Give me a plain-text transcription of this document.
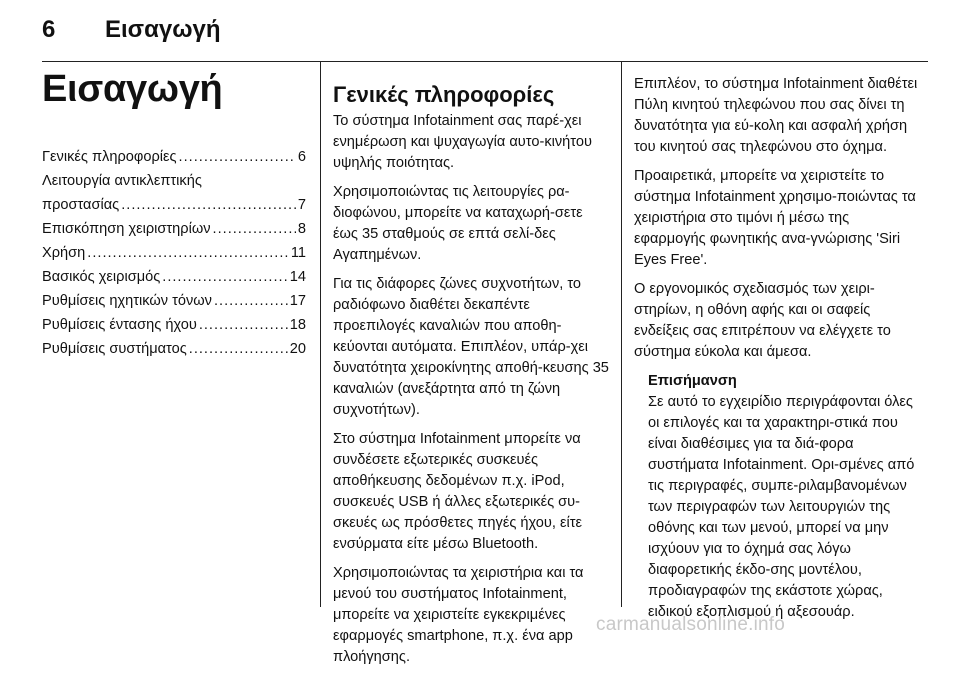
6 Εισαγωγή
Εισαγωγή
Γενικές πληροφορίες .....	6
Λειτουργία αντικλεπτικής
προστασίας .....	7
Επισκόπηση χειριστηρίων .....	8
Χρήση .....	11
Βασικός χειρισμός .....	14
Ρυθμίσεις ηχητικών τόνων .....	17
Ρυθμίσεις έντασης ήχου .....	18
Ρυθμίσεις συστήματος .....	20
Γενικές πληροφορίες

Το σύστημα Infotainment σας παρέ-χει ενημέρωση και ψυχαγωγία αυτο-κινήτου υψηλής ποιότητας.

Χρησιμοποιώντας τις λειτουργίες ρα-διοφώνου, μπορείτε να καταχωρή-σετε έως 35 σταθμούς σε επτά σελί-δες Αγαπημένων.

Για τις διάφορες ζώνες συχνοτήτων, το ραδιόφωνο διαθέτει δεκαπέντε προεπιλογές καναλιών που αποθη-κεύονται αυτόματα. Επιπλέον, υπάρ-χει δυνατότητα χειροκίνητης αποθή-κευσης 35 καναλιών (ανεξάρτητα από τη ζώνη συχνοτήτων).

Στο σύστημα Infotainment μπορείτε να συνδέσετε εξωτερικές συσκευές αποθήκευσης δεδομένων π.χ. iPod, συσκευές USB ή άλλες εξωτερικές συ-σκευές ως πρόσθετες πηγές ήχου, είτε ενσύρματα είτε μέσω Bluetooth.

Χρησιμοποιώντας τα χειριστήρια και τα μενού του συστήματος Infotainment, μπορείτε να χειριστείτε εγκεκριμένες εφαρμογές smartphone, π.χ. ένα app πλοήγησης.

Επιπλέον, το σύστημα Infotainment διαθέτει Πύλη κινητού τηλεφώνου που σας δίνει τη δυνατότητα για εύ-κολη και ασφαλή χρήση του κινητού σας τηλεφώνου στο όχημα.

Προαιρετικά, μπορείτε να χειριστείτε το σύστημα Infotainment χρησιμο-ποιώντας τα χειριστήρια στο τιμόνι ή μέσω της εφαρμογής φωνητικής ανα-γνώρισης 'Siri Eyes Free'.

Ο εργονομικός σχεδιασμός των χειρι-στηρίων, η οθόνη αφής και οι σαφείς ενδείξεις σας επιτρέπουν να ελέγχετε το σύστημα εύκολα και άμεσα.

Επισήμανση
Σε αυτό το εγχειρίδιο περιγράφονται όλες οι επιλογές και τα χαρακτηρι-στικά που είναι διαθέσιμες για τα διά-φορα συστήματα Infotainment. Ορι-σμένες από τις περιγραφές, συμπε-ριλαμβανομένων των περιγραφών των λειτουργιών της οθόνης και των μενού, μπορεί να μην ισχύουν για το όχημά σας λόγω διαφορετικής έκδο-σης μοντέλου, προδιαγραφών της εκάστοτε χώρας, ειδικού εξοπλισμού ή αξεσουάρ.
carmanualsonline.info
